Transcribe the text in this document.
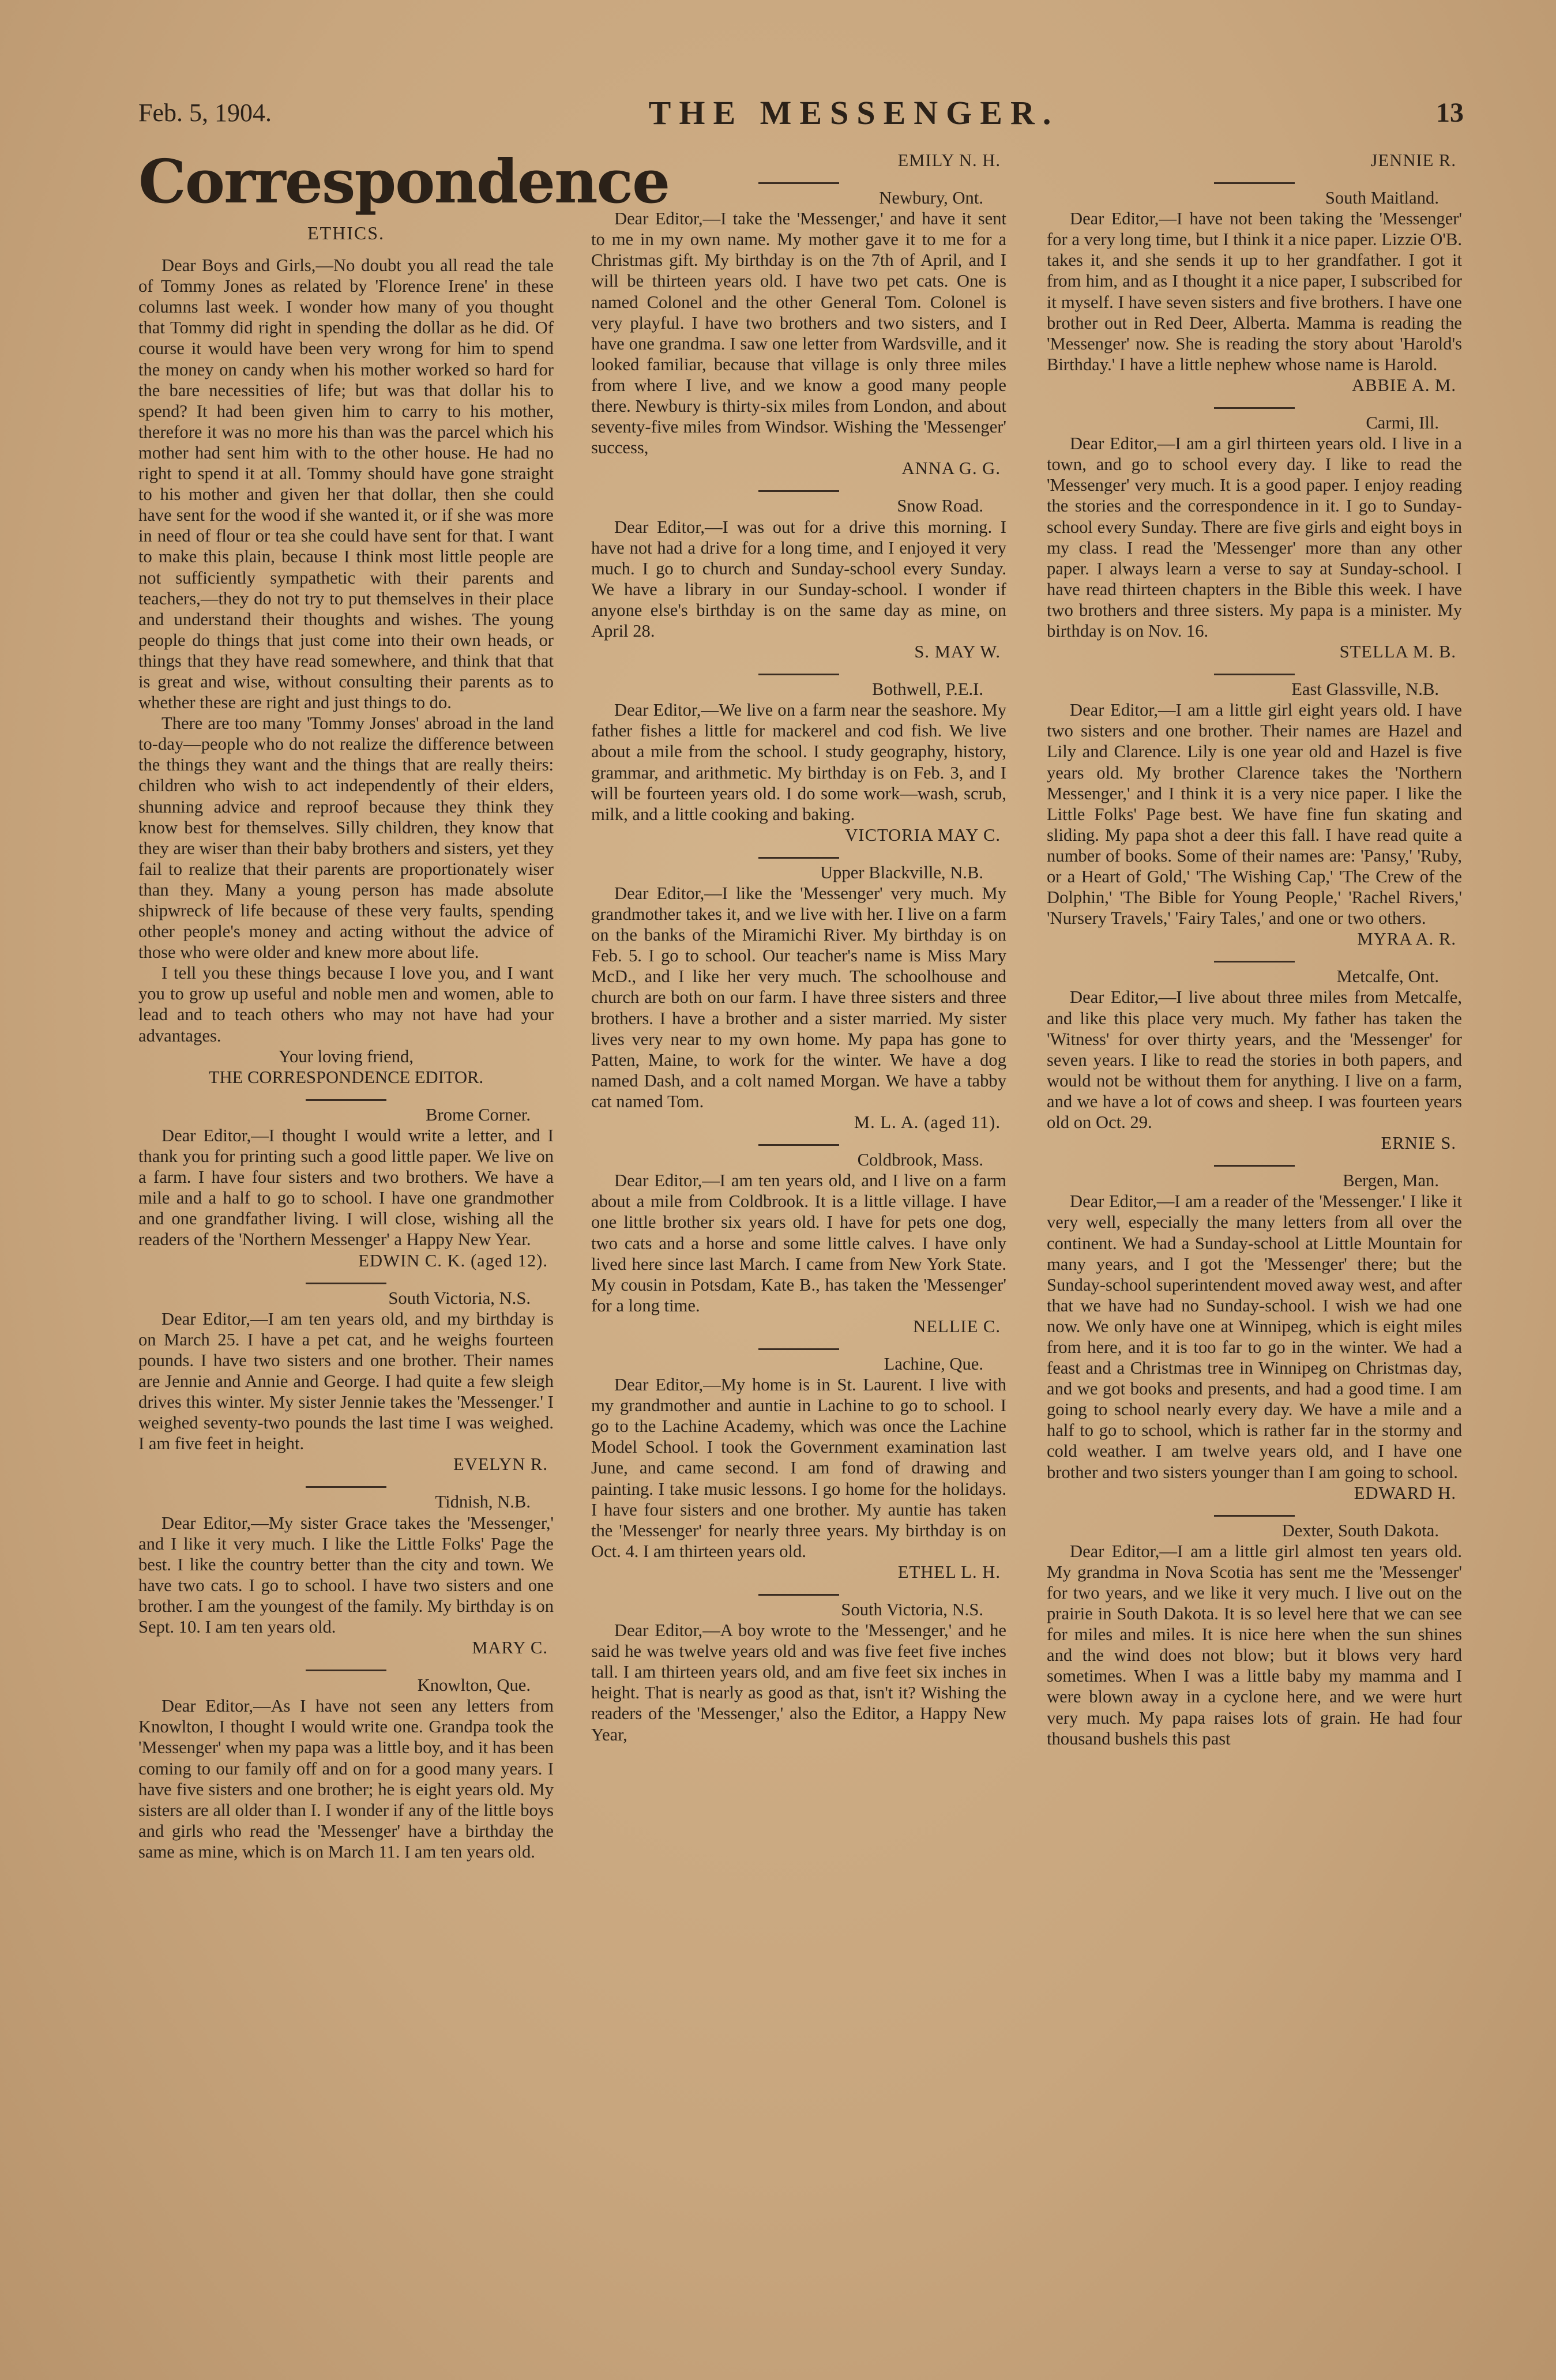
Feb. 5, 1904.	THE MESSENGER.	13
Correspondence
ETHICS.

Dear Boys and Girls,—No doubt you all read the tale of Tommy Jones as related by 'Florence Irene' in these columns last week. I wonder how many of you thought that Tommy did right in spending the dollar as he did. Of course it would have been very wrong for him to spend the money on candy when his mother worked so hard for the bare necessities of life; but was that dollar his to spend? It had been given him to carry to his mother, therefore it was no more his than was the parcel which his mother had sent him with to the other house. He had no right to spend it at all. Tommy should have gone straight to his mother and given her that dollar, then she could have sent for the wood if she wanted it, or if she was more in need of flour or tea she could have sent for that. I want to make this plain, because I think most little people are not sufficiently sympathetic with their parents and teachers,—they do not try to put themselves in their place and understand their thoughts and wishes. The young people do things that just come into their own heads, or things that they have read somewhere, and think that that is great and wise, without consulting their parents as to whether these are right and just things to do.

There are too many 'Tommy Jonses' abroad in the land to-day—people who do not realize the difference between the things they want and the things that are really theirs: children who wish to act independently of their elders, shunning advice and reproof because they think they know best for themselves. Silly children, they know that they are wiser than their baby brothers and sisters, yet they fail to realize that their parents are proportionately wiser than they. Many a young person has made absolute shipwreck of life because of these very faults, spending other people's money and acting without the advice of those who were older and knew more about life.

I tell you these things because I love you, and I want you to grow up useful and noble men and women, able to lead and to teach others who may not have had your advantages.

Your loving friend,
THE CORRESPONDENCE EDITOR.
Brome Corner.

Dear Editor,—I thought I would write a letter, and I thank you for printing such a good little paper. We live on a farm. I have four sisters and two brothers. We have a mile and a half to go to school. I have one grandmother and one grandfather living. I will close, wishing all the readers of the 'Northern Messenger' a Happy New Year.

EDWIN C. K. (aged 12).
South Victoria, N.S.

Dear Editor,—I am ten years old, and my birthday is on March 25. I have a pet cat, and he weighs fourteen pounds. I have two sisters and one brother. Their names are Jennie and Annie and George. I had quite a few sleigh drives this winter. My sister Jennie takes the 'Messenger.' I weighed seventy-two pounds the last time I was weighed. I am five feet in height.

EVELYN R.
Tidnish, N.B.

Dear Editor,—My sister Grace takes the 'Messenger,' and I like it very much. I like the Little Folks' Page the best. I like the country better than the city and town. We have two cats. I go to school. I have two sisters and one brother. I am the youngest of the family. My birthday is on Sept. 10. I am ten years old.

MARY C.
Knowlton, Que.

Dear Editor,—As I have not seen any letters from Knowlton, I thought I would write one. Grandpa took the 'Messenger' when my papa was a little boy, and it has been coming to our family off and on for a good many years. I have five sisters and one brother; he is eight years old. My sisters are all older than I. I wonder if any of the little boys and girls who read the 'Messenger' have a birthday the same as mine, which is on March 11. I am ten years old.

EMILY N. H.
Newbury, Ont.

Dear Editor,—I take the 'Messenger,' and have it sent to me in my own name. My mother gave it to me for a Christmas gift. My birthday is on the 7th of April, and I will be thirteen years old. I have two pet cats. One is named Colonel and the other General Tom. Colonel is very playful. I have two brothers and two sisters, and I have one grandma. I saw one letter from Wardsville, and it looked familiar, because that village is only three miles from where I live, and we know a good many people there. Newbury is thirty-six miles from London, and about seventy-five miles from Windsor. Wishing the 'Messenger' success,

ANNA G. G.
Snow Road.

Dear Editor,—I was out for a drive this morning. I have not had a drive for a long time, and I enjoyed it very much. I go to church and Sunday-school every Sunday. We have a library in our Sunday-school. I wonder if anyone else's birthday is on the same day as mine, on April 28.

S. MAY W.
Bothwell, P.E.I.

Dear Editor,—We live on a farm near the seashore. My father fishes a little for mackerel and cod fish. We live about a mile from the school. I study geography, history, grammar, and arithmetic. My birthday is on Feb. 3, and I will be fourteen years old. I do some work—wash, scrub, milk, and a little cooking and baking.

VICTORIA MAY C.
Upper Blackville, N.B.

Dear Editor,—I like the 'Messenger' very much. My grandmother takes it, and we live with her. I live on a farm on the banks of the Miramichi River. My birthday is on Feb. 5. I go to school. Our teacher's name is Miss Mary McD., and I like her very much. The schoolhouse and church are both on our farm. I have three sisters and three brothers. I have a brother and a sister married. My sister lives very near to my own home. My papa has gone to Patten, Maine, to work for the winter. We have a dog named Dash, and a colt named Morgan. We have a tabby cat named Tom.

M. L. A. (aged 11).
Coldbrook, Mass.

Dear Editor,—I am ten years old, and I live on a farm about a mile from Coldbrook. It is a little village. I have one little brother six years old. I have for pets one dog, two cats and a horse and some little calves. I have only lived here since last March. I came from New York State. My cousin in Potsdam, Kate B., has taken the 'Messenger' for a long time.

NELLIE C.
Lachine, Que.

Dear Editor,—My home is in St. Laurent. I live with my grandmother and auntie in Lachine to go to school. I go to the Lachine Academy, which was once the Lachine Model School. I took the Government examination last June, and came second. I am fond of drawing and painting. I take music lessons. I go home for the holidays. I have four sisters and one brother. My auntie has taken the 'Messenger' for nearly three years. My birthday is on Oct. 4. I am thirteen years old.

ETHEL L. H.
South Victoria, N.S.

Dear Editor,—A boy wrote to the 'Messenger,' and he said he was twelve years old and was five feet five inches tall. I am thirteen years old, and am five feet six inches in height. That is nearly as good as that, isn't it? Wishing the readers of the 'Messenger,' also the Editor, a Happy New Year,

JENNIE R.
South Maitland.

Dear Editor,—I have not been taking the 'Messenger' for a very long time, but I think it a nice paper. Lizzie O'B. takes it, and she sends it up to her grandfather. I got it from him, and as I thought it a nice paper, I subscribed for it myself. I have seven sisters and five brothers. I have one brother out in Red Deer, Alberta. Mamma is reading the 'Messenger' now. She is reading the story about 'Harold's Birthday.' I have a little nephew whose name is Harold.

ABBIE A. M.
Carmi, Ill.

Dear Editor,—I am a girl thirteen years old. I live in a town, and go to school every day. I like to read the 'Messenger' very much. It is a good paper. I enjoy reading the stories and the correspondence in it. I go to Sunday-school every Sunday. There are five girls and eight boys in my class. I read the 'Messenger' more than any other paper. I always learn a verse to say at Sunday-school. I have read thirteen chapters in the Bible this week. I have two brothers and three sisters. My papa is a minister. My birthday is on Nov. 16.

STELLA M. B.
East Glassville, N.B.

Dear Editor,—I am a little girl eight years old. I have two sisters and one brother. Their names are Hazel and Lily and Clarence. Lily is one year old and Hazel is five years old. My brother Clarence takes the 'Northern Messenger,' and I think it is a very nice paper. I like the Little Folks' Page best. We have fine fun skating and sliding. My papa shot a deer this fall. I have read quite a number of books. Some of their names are: 'Pansy,' 'Ruby, or a Heart of Gold,' 'The Wishing Cap,' 'The Crew of the Dolphin,' 'The Bible for Young People,' 'Rachel Rivers,' 'Nursery Travels,' 'Fairy Tales,' and one or two others.

MYRA A. R.
Metcalfe, Ont.

Dear Editor,—I live about three miles from Metcalfe, and like this place very much. My father has taken the 'Witness' for over thirty years, and the 'Messenger' for seven years. I like to read the stories in both papers, and would not be without them for anything. I live on a farm, and we have a lot of cows and sheep. I was fourteen years old on Oct. 29.

ERNIE S.
Bergen, Man.

Dear Editor,—I am a reader of the 'Messenger.' I like it very well, especially the many letters from all over the continent. We had a Sunday-school at Little Mountain for many years, and I got the 'Messenger' there; but the Sunday-school superintendent moved away west, and after that we have had no Sunday-school. I wish we had one now. We only have one at Winnipeg, which is eight miles from here, and it is too far to go in the winter. We had a feast and a Christmas tree in Winnipeg on Christmas day, and we got books and presents, and had a good time. I am going to school nearly every day. We have a mile and a half to go to school, which is rather far in the stormy and cold weather. I am twelve years old, and I have one brother and two sisters younger than I am going to school.

EDWARD H.
Dexter, South Dakota.

Dear Editor,—I am a little girl almost ten years old. My grandma in Nova Scotia has sent me the 'Messenger' for two years, and we like it very much. I live out on the prairie in South Dakota. It is so level here that we can see for miles and miles. It is nice here when the sun shines and the wind does not blow; but it blows very hard sometimes. When I was a little baby my mamma and I were blown away in a cyclone here, and we were hurt very much. My papa raises lots of grain. He had four thousand bushels this past
